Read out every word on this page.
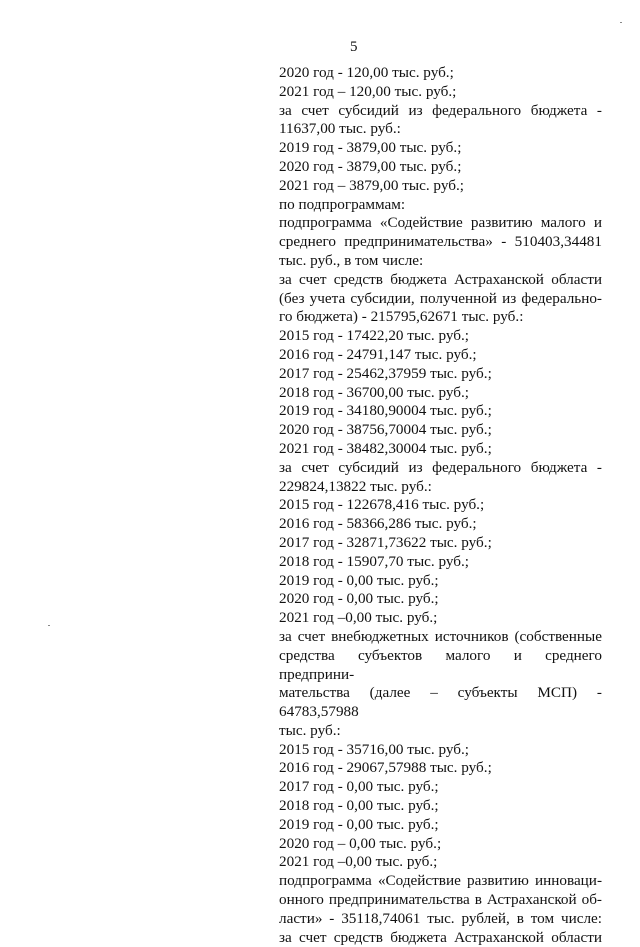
5
2020 год - 120,00 тыс. руб.;
2021 год – 120,00 тыс. руб.;
за счет субсидий из федерального бюджета -
11637,00 тыс. руб.:
2019 год - 3879,00 тыс. руб.;
2020 год - 3879,00 тыс. руб.;
2021 год – 3879,00 тыс. руб.;
по подпрограммам:
подпрограмма «Содействие развитию малого и
среднего предпринимательства» - 510403,34481
тыс. руб., в том числе:
за счет средств бюджета Астраханской области
(без учета субсидии, полученной из федерально-
го бюджета) - 215795,62671 тыс. руб.:
2015 год - 17422,20 тыс. руб.;
2016 год - 24791,147 тыс. руб.;
2017 год - 25462,37959 тыс. руб.;
2018 год - 36700,00 тыс. руб.;
2019 год - 34180,90004 тыс. руб.;
2020 год - 38756,70004 тыс. руб.;
2021 год - 38482,30004 тыс. руб.;
за счет субсидий из федерального бюджета -
229824,13822 тыс. руб.:
2015 год - 122678,416 тыс. руб.;
2016 год - 58366,286 тыс. руб.;
2017 год - 32871,73622 тыс. руб.;
2018 год - 15907,70 тыс. руб.;
2019 год - 0,00 тыс. руб.;
2020 год - 0,00 тыс. руб.;
2021 год –0,00 тыс. руб.;
за счет внебюджетных источников (собственные
средства субъектов малого и среднего предприни-
мательства (далее – субъекты МСП) - 64783,57988
тыс. руб.:
2015 год - 35716,00 тыс. руб.;
2016 год - 29067,57988 тыс. руб.;
2017 год - 0,00 тыс. руб.;
2018 год - 0,00 тыс. руб.;
2019 год - 0,00 тыс. руб.;
2020 год – 0,00 тыс. руб.;
2021 год –0,00 тыс. руб.;
подпрограмма «Содействие развитию инноваци-
онного предпринимательства в Астраханской об-
ласти» - 35118,74061 тыс. рублей, в том числе:
за счет средств бюджета Астраханской области
